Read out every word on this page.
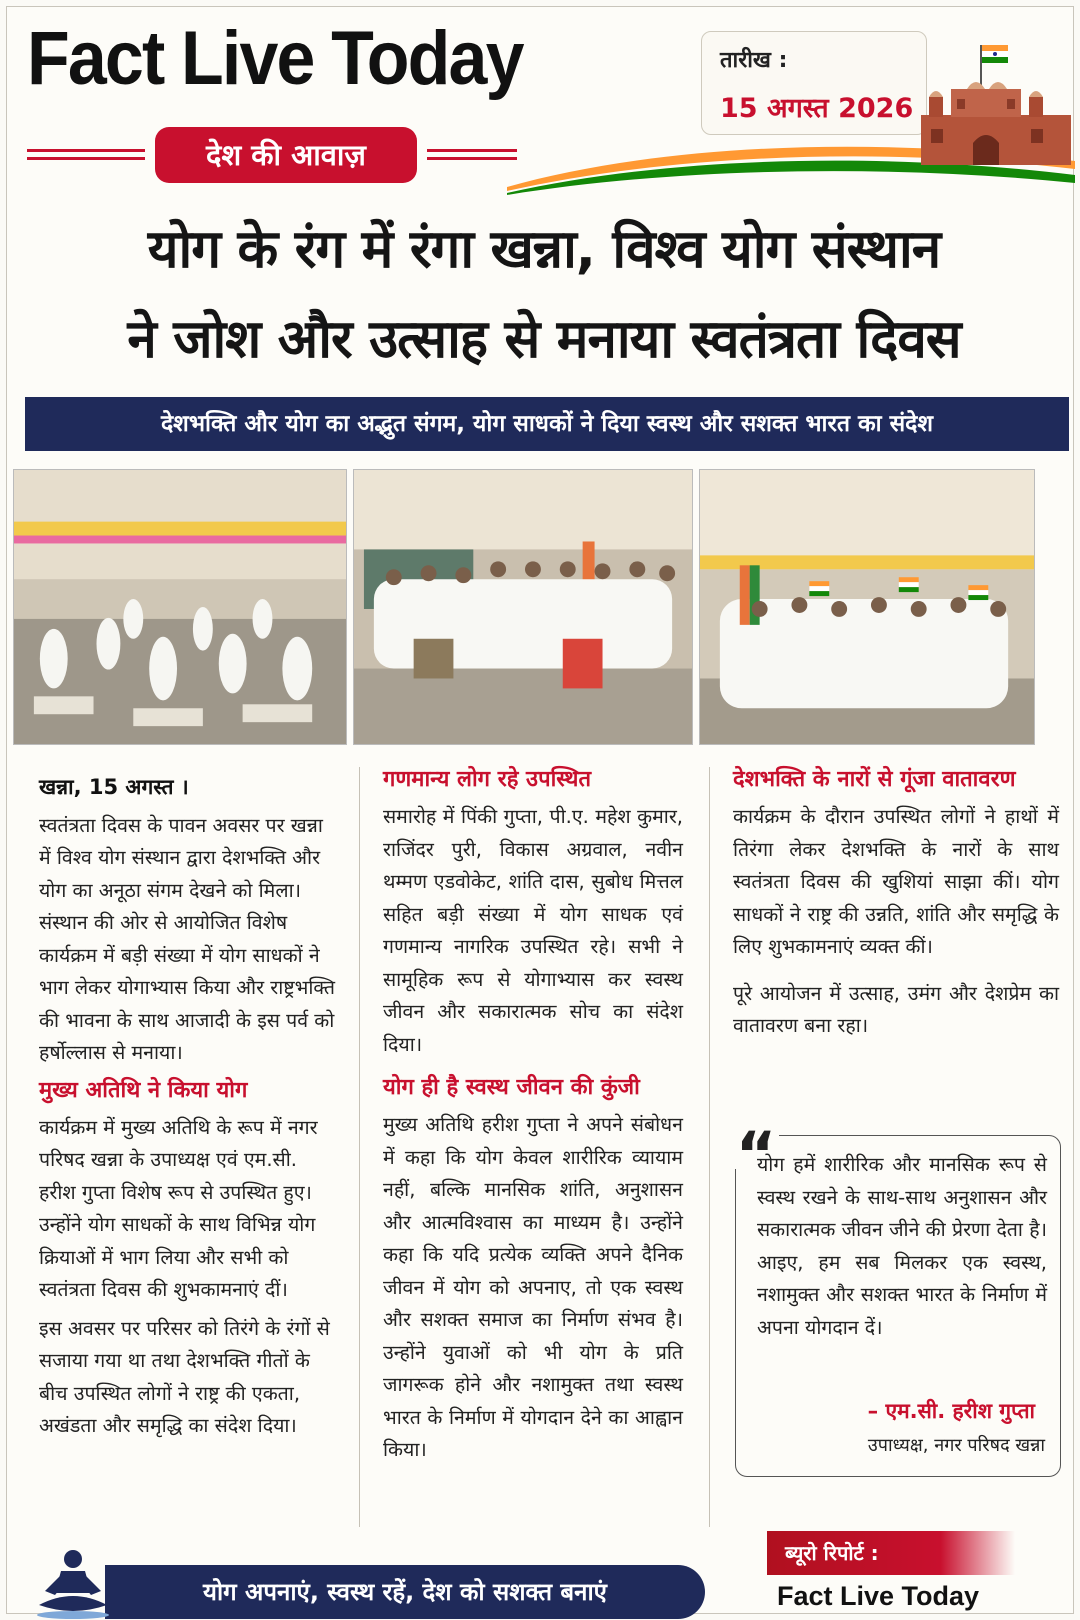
Fact Live Today
देश की आवाज़
तारीख :
15 अगस्त 2026
योग के रंग में रंगा खन्ना, विश्व योग संस्थान
ने जोश और उत्साह से मनाया स्वतंत्रता दिवस
देशभक्ति और योग का अद्भुत संगम, योग साधकों ने दिया स्वस्थ और सशक्त भारत का संदेश

खन्ना, 15 अगस्त ।

स्वतंत्रता दिवस के पावन अवसर पर खन्ना में विश्व योग संस्थान द्वारा देशभक्ति और योग का अनूठा संगम देखने को मिला। संस्थान की ओर से आयोजित विशेष कार्यक्रम में बड़ी संख्या में योग साधकों ने भाग लेकर योगाभ्यास किया और राष्ट्रभक्ति की भावना के साथ आजादी के इस पर्व को हर्षोल्लास से मनाया।

मुख्य अतिथि ने किया योग

कार्यक्रम में मुख्य अतिथि के रूप में नगर परिषद खन्ना के उपाध्यक्ष एवं एम.सी. हरीश गुप्ता विशेष रूप से उपस्थित हुए। उन्होंने योग साधकों के साथ विभिन्न योग क्रियाओं में भाग लिया और सभी को स्वतंत्रता दिवस की शुभकामनाएं दीं।

इस अवसर पर परिसर को तिरंगे के रंगों से सजाया गया था तथा देशभक्ति गीतों के बीच उपस्थित लोगों ने राष्ट्र की एकता, अखंडता और समृद्धि का संदेश दिया।

गणमान्य लोग रहे उपस्थित

समारोह में पिंकी गुप्ता, पी.ए. महेश कुमार, राजिंदर पुरी, विकास अग्रवाल, नवीन थम्मण एडवोकेट, शांति दास, सुबोध मित्तल सहित बड़ी संख्या में योग साधक एवं गणमान्य नागरिक उपस्थित रहे। सभी ने सामूहिक रूप से योगाभ्यास कर स्वस्थ जीवन और सकारात्मक सोच का संदेश दिया।

योग ही है स्वस्थ जीवन की कुंजी

मुख्य अतिथि हरीश गुप्ता ने अपने संबोधन में कहा कि योग केवल शारीरिक व्यायाम नहीं, बल्कि मानसिक शांति, अनुशासन और आत्मविश्वास का माध्यम है। उन्होंने कहा कि यदि प्रत्येक व्यक्ति अपने दैनिक जीवन में योग को अपनाए, तो एक स्वस्थ और सशक्त समाज का निर्माण संभव है। उन्होंने युवाओं को भी योग के प्रति जागरूक होने और नशामुक्त तथा स्वस्थ भारत के निर्माण में योगदान देने का आह्वान किया।

देशभक्ति के नारों से गूंजा वातावरण

कार्यक्रम के दौरान उपस्थित लोगों ने हाथों में तिरंगा लेकर देशभक्ति के नारों के साथ स्वतंत्रता दिवस की खुशियां साझा कीं। योग साधकों ने राष्ट्र की उन्नति, शांति और समृद्धि के लिए शुभकामनाएं व्यक्त कीं।

पूरे आयोजन में उत्साह, उमंग और देशप्रेम का वातावरण बना रहा।

“
योग हमें शारीरिक और मानसिक रूप से स्वस्थ रखने के साथ-साथ अनुशासन और सकारात्मक जीवन जीने की प्रेरणा देता है। आइए, हम सब मिलकर एक स्वस्थ, नशामुक्त और सशक्त भारत के निर्माण में अपना योगदान दें।
– एम.सी. हरीश गुप्ता
उपाध्यक्ष, नगर परिषद खन्ना
योग अपनाएं, स्वस्थ रहें, देश को सशक्त बनाएं
ब्यूरो रिपोर्ट :
Fact Live Today
